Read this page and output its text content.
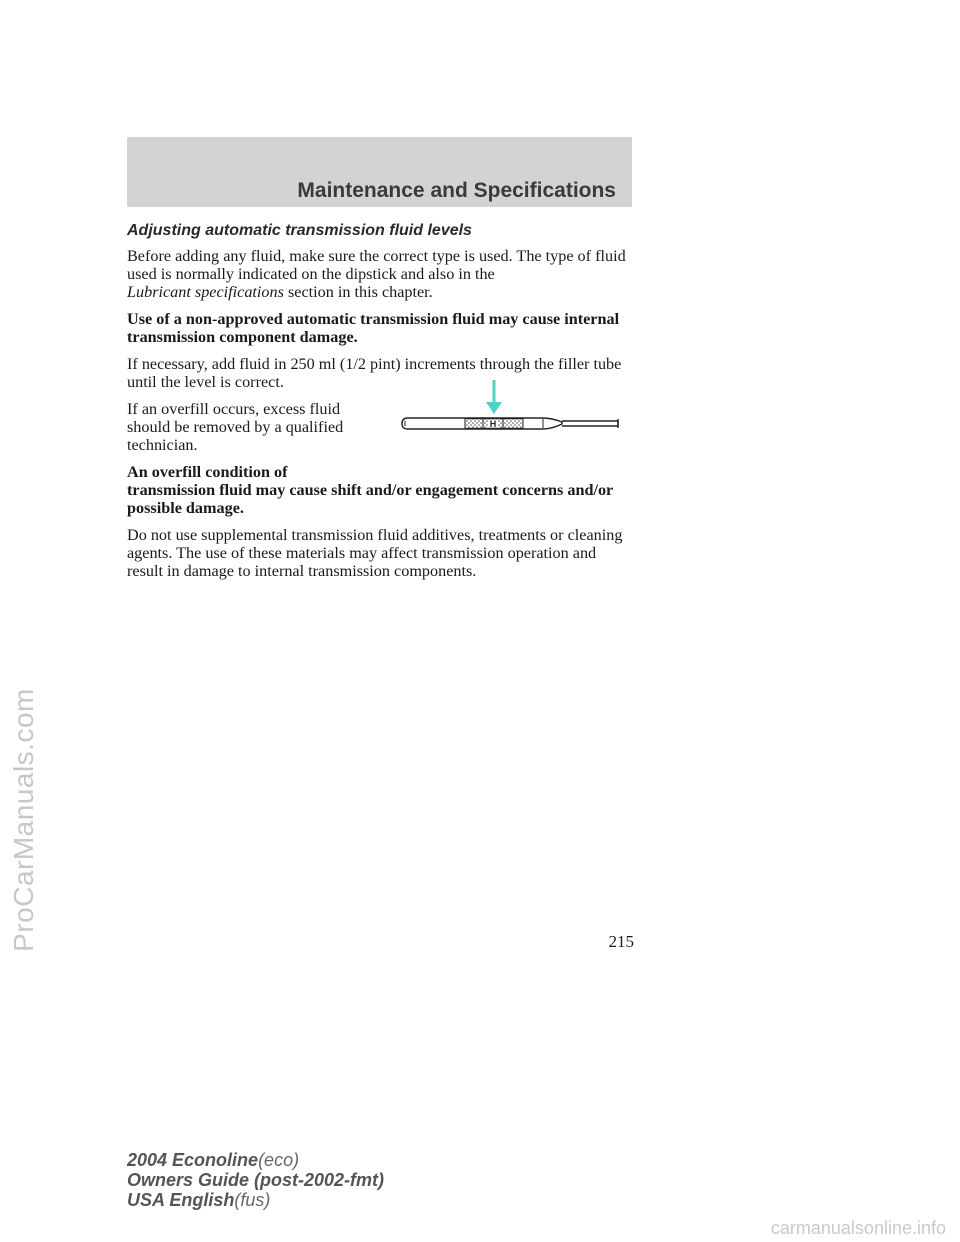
Maintenance and Specifications
Adjusting automatic transmission fluid levels

Before adding any fluid, make sure the correct type is used. The type of fluid used is normally indicated on the dipstick and also in the
Lubricant specifications section in this chapter.

Use of a non-approved automatic transmission fluid may cause internal transmission component damage.

If necessary, add fluid in 250 ml (1/2 pint) increments through the filler tube until the level is correct.

If an overfill occurs, excess fluid should be removed by a qualified technician.

An overfill condition of
transmission fluid may cause shift and/or engagement concerns and/or possible damage.

Do not use supplemental transmission fluid additives, treatments or cleaning agents. The use of these materials may affect transmission operation and result in damage to internal transmission components.

H
215
2004 Econoline(eco)
Owners Guide (post-2002-fmt)
USA English(fus)
ProCarManuals.com
carmanualsonline.info
